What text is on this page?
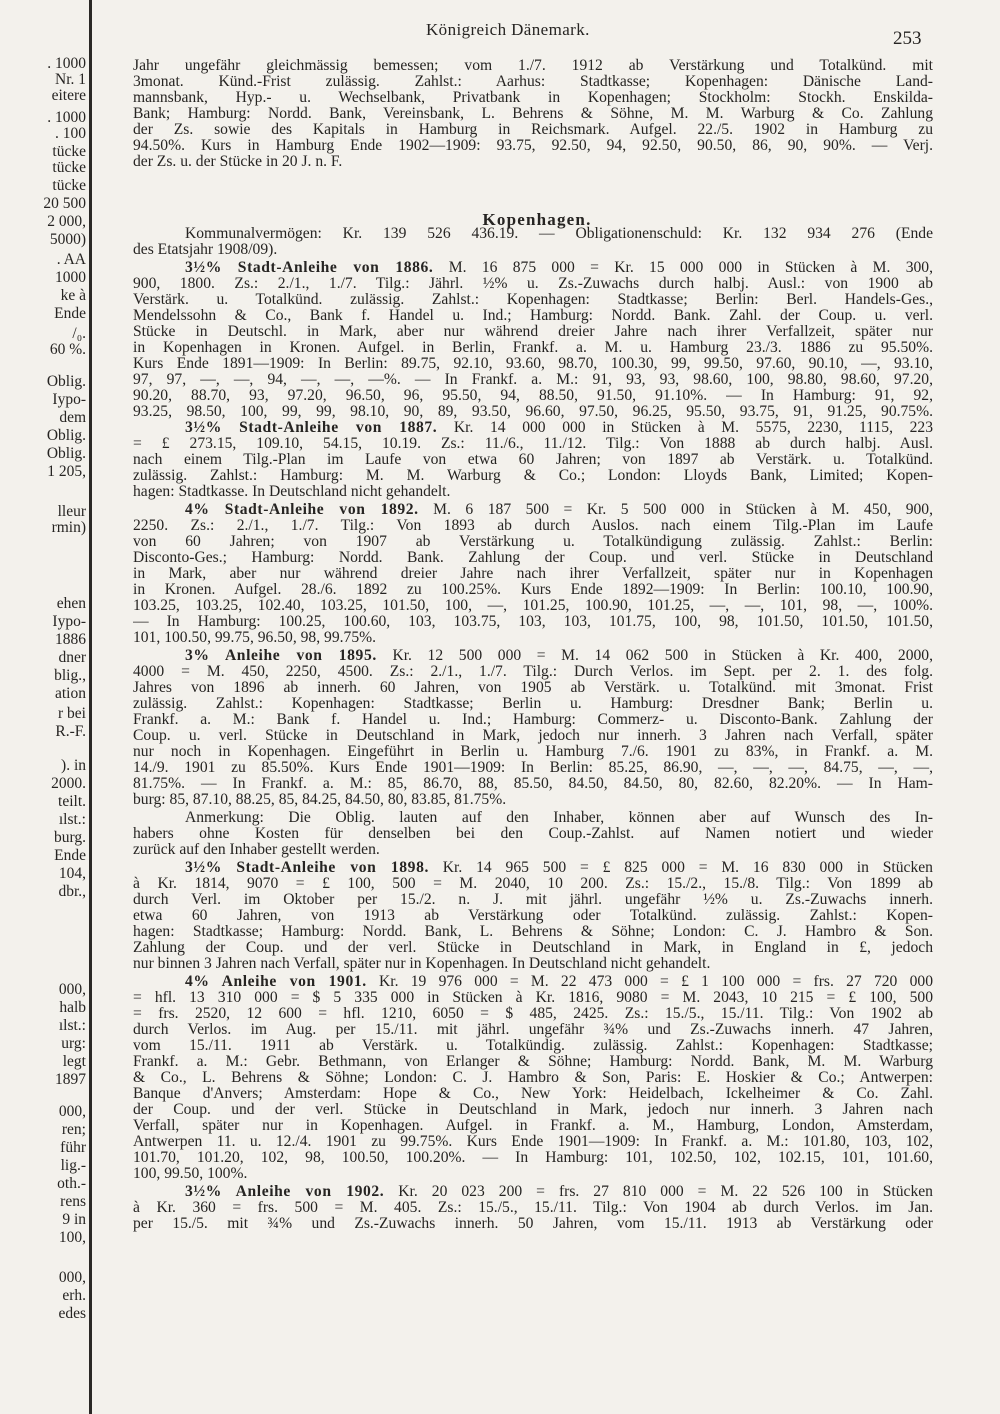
. 1000
Nr. 1
eitere
. 1000
. 100
tücke
tücke
tücke
20 500
2 000,
5000)
. AA
1000
ke à
Ende
/₀.
60 %.
Oblig.
Iypo-
dem
Oblig.
Oblig.
1 205,
lleur
rmin)
ehen
Iypo-
1886
dner
blig.,
ation
r bei
R.-F.
). in
2000.
teilt.
ılst.:
burg.
Ende
104,
dbr.,
000,
halb
ılst.:
urg:
legt
1897
000,
ren;
führ
lig.-
oth.-
rens
9 in
100,
000,
erh.
edes
Königreich Dänemark.	253
Kopenhagen.
Jahr ungefähr gleichmässig bemessen; vom 1./7. 1912 ab Verstärkung und Totalkünd. mit
3monat. Künd.-Frist zulässig. Zahlst.: Aarhus: Stadtkasse; Kopenhagen: Dänische Land-
mannsbank, Hyp.- u. Wechselbank, Privatbank in Kopenhagen; Stockholm: Stockh. Enskilda-
Bank; Hamburg: Nordd. Bank, Vereinsbank, L. Behrens & Söhne, M. M. Warburg & Co. Zahlung
der Zs. sowie des Kapitals in Hamburg in Reichsmark. Aufgel. 22./5. 1902 in Hamburg zu
94.50%. Kurs in Hamburg Ende 1902—1909: 93.75, 92.50, 94, 92.50, 90.50, 86, 90, 90%. — Verj.
der Zs. u. der Stücke in 20 J. n. F.
Kommunalvermögen: Kr. 139 526 436.19. — Obligationenschuld: Kr. 132 934 276 (Ende
des Etatsjahr 1908/09).
3½% Stadt-Anleihe von 1886. M. 16 875 000 = Kr. 15 000 000 in Stücken à M. 300,
900, 1800. Zs.: 2./1., 1./7. Tilg.: Jährl. ½% u. Zs.-Zuwachs durch halbj. Ausl.: von 1900 ab
Verstärk. u. Totalkünd. zulässig. Zahlst.: Kopenhagen: Stadtkasse; Berlin: Berl. Handels-Ges.,
Mendelssohn & Co., Bank f. Handel u. Ind.; Hamburg: Nordd. Bank. Zahl. der Coup. u. verl.
Stücke in Deutschl. in Mark, aber nur während dreier Jahre nach ihrer Verfallzeit, später nur
in Kopenhagen in Kronen. Aufgel. in Berlin, Frankf. a. M. u. Hamburg 23./3. 1886 zu 95.50%.
Kurs Ende 1891—1909: In Berlin: 89.75, 92.10, 93.60, 98.70, 100.30, 99, 99.50, 97.60, 90.10, —, 93.10,
97, 97, —, —, 94, —, —, —%. — In Frankf. a. M.: 91, 93, 93, 98.60, 100, 98.80, 98.60, 97.20,
90.20, 88.70, 93, 97.20, 96.50, 96, 95.50, 94, 88.50, 91.50, 91.10%. — In Hamburg: 91, 92,
93.25, 98.50, 100, 99, 99, 98.10, 90, 89, 93.50, 96.60, 97.50, 96.25, 95.50, 93.75, 91, 91.25, 90.75%.
3½% Stadt-Anleihe von 1887. Kr. 14 000 000 in Stücken à M. 5575, 2230, 1115, 223
= £ 273.15, 109.10, 54.15, 10.19. Zs.: 11./6., 11./12. Tilg.: Von 1888 ab durch halbj. Ausl.
nach einem Tilg.-Plan im Laufe von etwa 60 Jahren; von 1897 ab Verstärk. u. Totalkünd.
zulässig. Zahlst.: Hamburg: M. M. Warburg & Co.; London: Lloyds Bank, Limited; Kopen-
hagen: Stadtkasse. In Deutschland nicht gehandelt.
4% Stadt-Anleihe von 1892. M. 6 187 500 = Kr. 5 500 000 in Stücken à M. 450, 900,
2250. Zs.: 2./1., 1./7. Tilg.: Von 1893 ab durch Auslos. nach einem Tilg.-Plan im Laufe
von 60 Jahren; von 1907 ab Verstärkung u. Totalkündigung zulässig. Zahlst.: Berlin:
Disconto-Ges.; Hamburg: Nordd. Bank. Zahlung der Coup. und verl. Stücke in Deutschland
in Mark, aber nur während dreier Jahre nach ihrer Verfallzeit, später nur in Kopenhagen
in Kronen. Aufgel. 28./6. 1892 zu 100.25%. Kurs Ende 1892—1909: In Berlin: 100.10, 100.90,
103.25, 103.25, 102.40, 103.25, 101.50, 100, —, 101.25, 100.90, 101.25, —, —, 101, 98, —, 100%.
— In Hamburg: 100.25, 100.60, 103, 103.75, 103, 103, 101.75, 100, 98, 101.50, 101.50, 101.50,
101, 100.50, 99.75, 96.50, 98, 99.75%.
3% Anleihe von 1895. Kr. 12 500 000 = M. 14 062 500 in Stücken à Kr. 400, 2000,
4000 = M. 450, 2250, 4500. Zs.: 2./1., 1./7. Tilg.: Durch Verlos. im Sept. per 2. 1. des folg.
Jahres von 1896 ab innerh. 60 Jahren, von 1905 ab Verstärk. u. Totalkünd. mit 3monat. Frist
zulässig. Zahlst.: Kopenhagen: Stadtkasse; Berlin u. Hamburg: Dresdner Bank; Berlin u.
Frankf. a. M.: Bank f. Handel u. Ind.; Hamburg: Commerz- u. Disconto-Bank. Zahlung der
Coup. u. verl. Stücke in Deutschland in Mark, jedoch nur innerh. 3 Jahren nach Verfall, später
nur noch in Kopenhagen. Eingeführt in Berlin u. Hamburg 7./6. 1901 zu 83%, in Frankf. a. M.
14./9. 1901 zu 85.50%. Kurs Ende 1901—1909: In Berlin: 85.25, 86.90, —, —, —, 84.75, —, —,
81.75%. — In Frankf. a. M.: 85, 86.70, 88, 85.50, 84.50, 84.50, 80, 82.60, 82.20%. — In Ham-
burg: 85, 87.10, 88.25, 85, 84.25, 84.50, 80, 83.85, 81.75%.
Anmerkung: Die Oblig. lauten auf den Inhaber, können aber auf Wunsch des In-
habers ohne Kosten für denselben bei den Coup.-Zahlst. auf Namen notiert und wieder
zurück auf den Inhaber gestellt werden.
3½% Stadt-Anleihe von 1898. Kr. 14 965 500 = £ 825 000 = M. 16 830 000 in Stücken
à Kr. 1814, 9070 = £ 100, 500 = M. 2040, 10 200. Zs.: 15./2., 15./8. Tilg.: Von 1899 ab
durch Verl. im Oktober per 15./2. n. J. mit jährl. ungefähr ½% u. Zs.-Zuwachs innerh.
etwa 60 Jahren, von 1913 ab Verstärkung oder Totalkünd. zulässig. Zahlst.: Kopen-
hagen: Stadtkasse; Hamburg: Nordd. Bank, L. Behrens & Söhne; London: C. J. Hambro & Son.
Zahlung der Coup. und der verl. Stücke in Deutschland in Mark, in England in £, jedoch
nur binnen 3 Jahren nach Verfall, später nur in Kopenhagen. In Deutschland nicht gehandelt.
4% Anleihe von 1901. Kr. 19 976 000 = M. 22 473 000 = £ 1 100 000 = frs. 27 720 000
= hfl. 13 310 000 = $ 5 335 000 in Stücken à Kr. 1816, 9080 = M. 2043, 10 215 = £ 100, 500
= frs. 2520, 12 600 = hfl. 1210, 6050 = $ 485, 2425. Zs.: 15./5., 15./11. Tilg.: Von 1902 ab
durch Verlos. im Aug. per 15./11. mit jährl. ungefähr ¾% und Zs.-Zuwachs innerh. 47 Jahren,
vom 15./11. 1911 ab Verstärk. u. Totalkündig. zulässig. Zahlst.: Kopenhagen: Stadtkasse;
Frankf. a. M.: Gebr. Bethmann, von Erlanger & Söhne; Hamburg: Nordd. Bank, M. M. Warburg
& Co., L. Behrens & Söhne; London: C. J. Hambro & Son, Paris: E. Hoskier & Co.; Antwerpen:
Banque d'Anvers; Amsterdam: Hope & Co., New York: Heidelbach, Ickelheimer & Co. Zahl.
der Coup. und der verl. Stücke in Deutschland in Mark, jedoch nur innerh. 3 Jahren nach
Verfall, später nur in Kopenhagen. Aufgel. in Frankf. a. M., Hamburg, London, Amsterdam,
Antwerpen 11. u. 12./4. 1901 zu 99.75%. Kurs Ende 1901—1909: In Frankf. a. M.: 101.80, 103, 102,
101.70, 101.20, 102, 98, 100.50, 100.20%. — In Hamburg: 101, 102.50, 102, 102.15, 101, 101.60,
100, 99.50, 100%.
3½% Anleihe von 1902. Kr. 20 023 200 = frs. 27 810 000 = M. 22 526 100 in Stücken
à Kr. 360 = frs. 500 = M. 405. Zs.: 15./5., 15./11. Tilg.: Von 1904 ab durch Verlos. im Jan.
per 15./5. mit ¾% und Zs.-Zuwachs innerh. 50 Jahren, vom 15./11. 1913 ab Verstärkung oder
